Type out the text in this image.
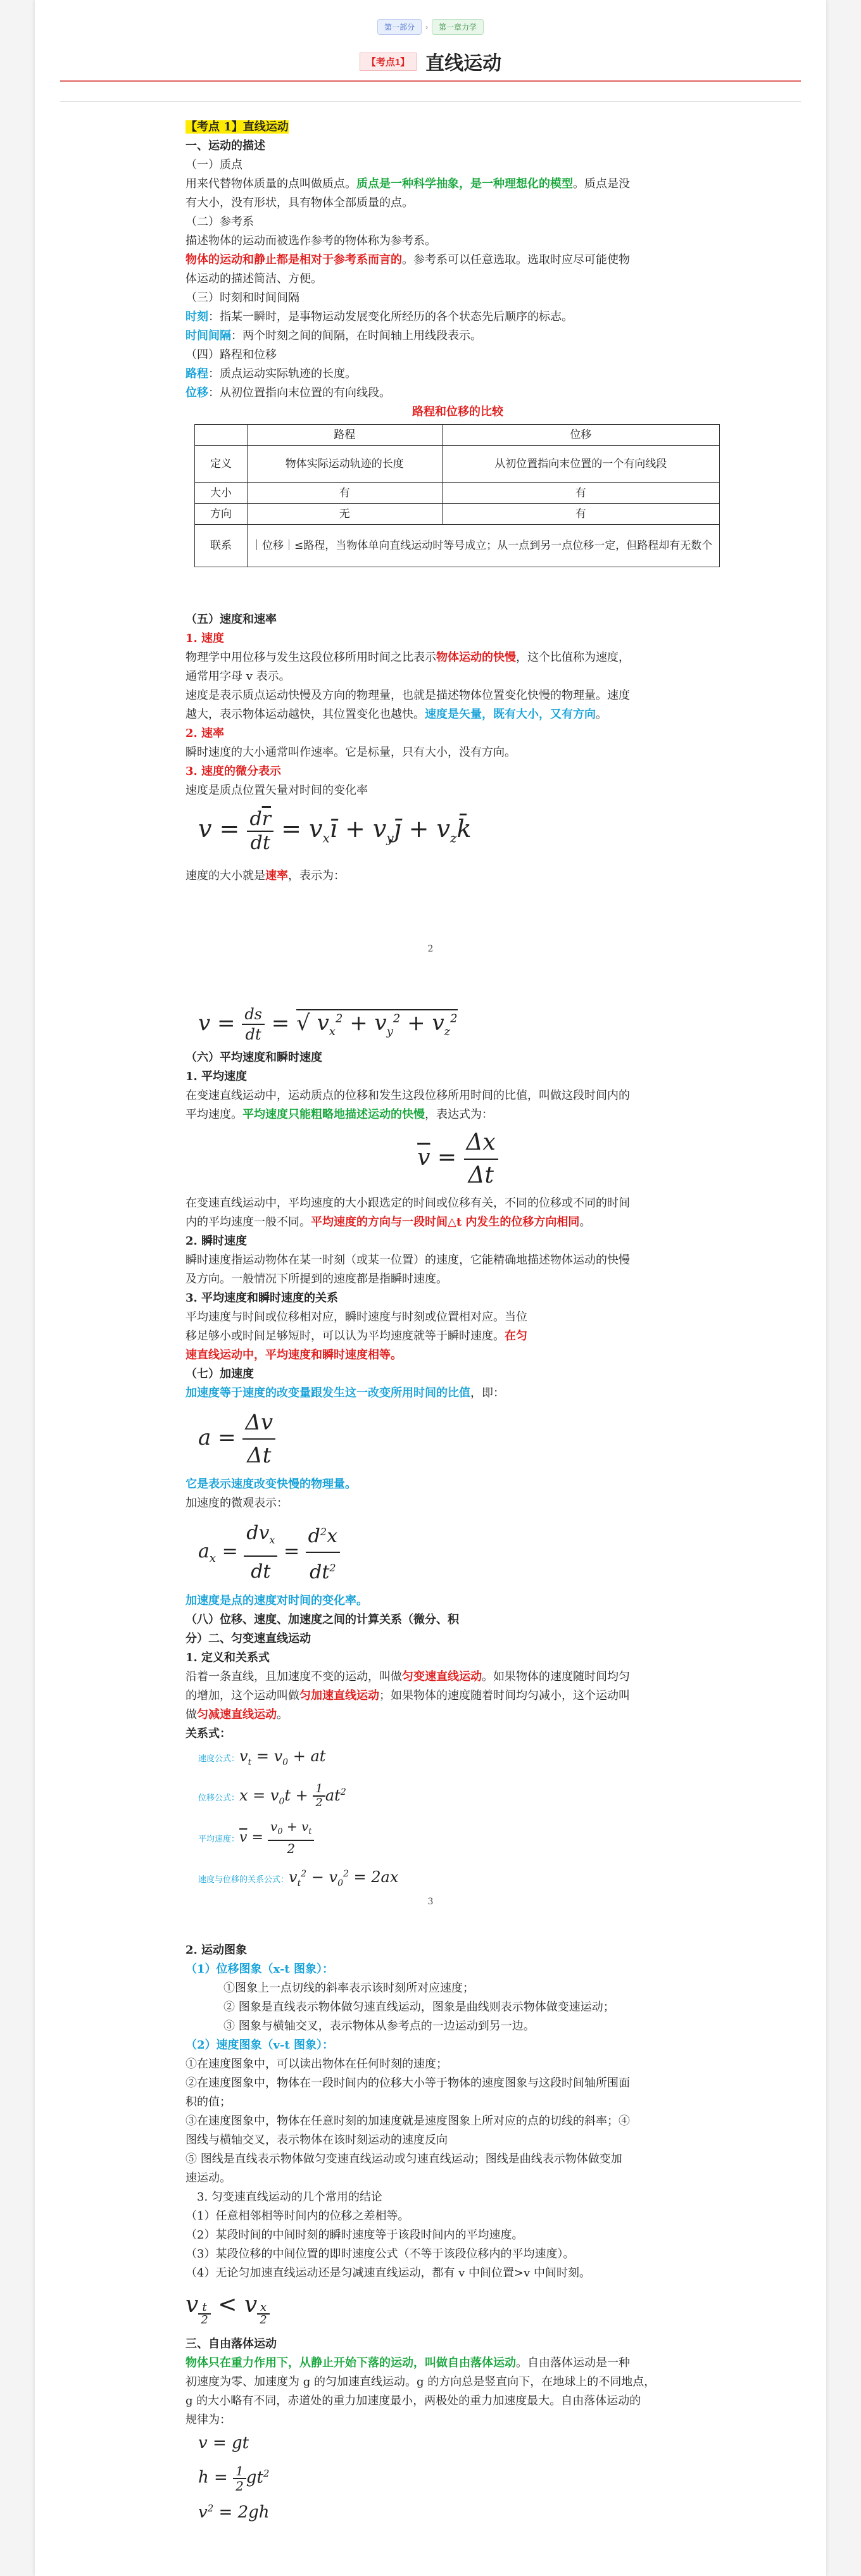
第一部分 › 第一章力学
【考点1】 直线运动

【考点 1】直线运动

一、运动的描述

（一）质点

用来代替物体质量的点叫做质点。质点是一种科学抽象，是一种理想化的模型。质点是没

有大小，没有形状，具有物体全部质量的点。

（二）参考系

描述物体的运动而被选作参考的物体称为参考系。

物体的运动和静止都是相对于参考系而言的。参考系可以任意选取。选取时应尽可能使物

体运动的描述简洁、方便。

（三）时刻和时间间隔

时刻：指某一瞬时，是事物运动发展变化所经历的各个状态先后顺序的标志。

时间间隔：两个时刻之间的间隔，在时间轴上用线段表示。

（四）路程和位移

路程：质点运动实际轨迹的长度。

位移：从初位置指向末位置的有向线段。

路程和位移的比较

	路程	位移
定义	物体实际运动轨迹的长度	从初位置指向末位置的一个有向线段
大小	有	有
方向	无	有
联系	｜位移｜≤路程，当物体单向直线运动时等号成立；从一点到另一点位移一定，但路程却有无数个	

（五）速度和速率

1. 速度

物理学中用位移与发生这段位移所用时间之比表示物体运动的快慢，这个比值称为速度，

通常用字母 v 表示。

速度是表示质点运动快慢及方向的物理量，也就是描述物体位置变化快慢的物理量。速度

越大，表示物体运动越快，其位置变化也越快。速度是矢量，既有大小，又有方向。

2. 速率

瞬时速度的大小通常叫作速率。它是标量，只有大小，没有方向。

3. 速度的微分表示

速度是质点位置矢量对时间的变化率

$v = \frac{d\overline{r}}{dt}$ = $v_xī$ + $v_yj̄$ + $v_zk̄$

速度的大小就是速率，表示为：

2
$v = \frac{ds}{dt}$ = √ $v_x^2 + v_y^2 + v_z^2$

（六）平均速度和瞬时速度

1. 平均速度

在变速直线运动中，运动质点的位移和发生这段位移所用时间的比值，叫做这段时间内的

平均速度。平均速度只能粗略地描述运动的快慢，表达式为：

$\overline{v} = \frac{\Delta x}{\Delta t}$

在变速直线运动中，平均速度的大小跟选定的时间或位移有关，不同的位移或不同的时间

内的平均速度一般不同。平均速度的方向与一段时间△t 内发生的位移方向相同。

2. 瞬时速度

瞬时速度指运动物体在某一时刻（或某一位置）的速度，它能精确地描述物体运动的快慢

及方向。一般情况下所提到的速度都是指瞬时速度。

3. 平均速度和瞬时速度的关系

平均速度与时间或位移相对应，瞬时速度与时刻或位置相对应。当位

移足够小或时间足够短时，可以认为平均速度就等于瞬时速度。在匀

速直线运动中，平均速度和瞬时速度相等。

（七）加速度

加速度等于速度的改变量跟发生这一改变所用时间的比值，即：

$a = \frac{\Delta v}{\Delta t}$

它是表示速度改变快慢的物理量。

加速度的微观表示：

$a_x = \frac{dv_x}{dt} = \frac{d^2x}{dt^2}$

加速度是点的速度对时间的变化率。

（八）位移、速度、加速度之间的计算关系（微分、积

分）二、匀变速直线运动

1. 定义和关系式

沿着一条直线，且加速度不变的运动，叫做匀变速直线运动。如果物体的速度随时间均匀

的增加，这个运动叫做匀加速直线运动；如果物体的速度随着时间均匀减小，这个运动叫

做匀减速直线运动。

关系式：

速度公式：$v_t = v_0$ + at
位移公式：$x = v_0t + \frac{1}{2} at^2$
平均速度：$\overline{v} = \frac{v_0 + v_t}{2}$
速度与位移的关系公式：$v_t^2 - v_0^2 = 2ax$
3

2. 运动图象

（1）位移图象（x-t 图象）：

①图象上一点切线的斜率表示该时刻所对应速度；

② 图象是直线表示物体做匀速直线运动，图象是曲线则表示物体做变速运动；

③ 图象与横轴交叉，表示物体从参考点的一边运动到另一边。

（2）速度图象（v-t 图象）：

①在速度图象中，可以读出物体在任何时刻的速度；

②在速度图象中，物体在一段时间内的位移大小等于物体的速度图象与这段时间轴所围面

积的值；

③在速度图象中，物体在任意时刻的加速度就是速度图象上所对应的点的切线的斜率；④

图线与横轴交叉，表示物体在该时刻运动的速度反向

⑤ 图线是直线表示物体做匀变速直线运动或匀速直线运动；图线是曲线表示物体做变加

速运动。

3. 匀变速直线运动的几个常用的结论

（1）任意相邻相等时间内的位移之差相等。

（2）某段时间的中间时刻的瞬时速度等于该段时间内的平均速度。

（3）某段位移的中间位置的即时速度公式（不等于该段位移内的平均速度）。

（4）无论匀加速直线运动还是匀减速直线运动，都有 v 中间位置>v 中间时刻。

v $_{\frac{t}{2}}$ < v $_{\frac{x}{2}}$

三、自由落体运动

物体只在重力作用下，从静止开始下落的运动，叫做自由落体运动。自由落体运动是一种

初速度为零、加速度为 g 的匀加速直线运动。g 的方向总是竖直向下，在地球上的不同地点，

g 的大小略有不同，赤道处的重力加速度最小，两极处的重力加速度最大。自由落体运动的

规律为：

v = gt
$h = \frac{1}{2} gt^2$
$v^2 = 2gh$
